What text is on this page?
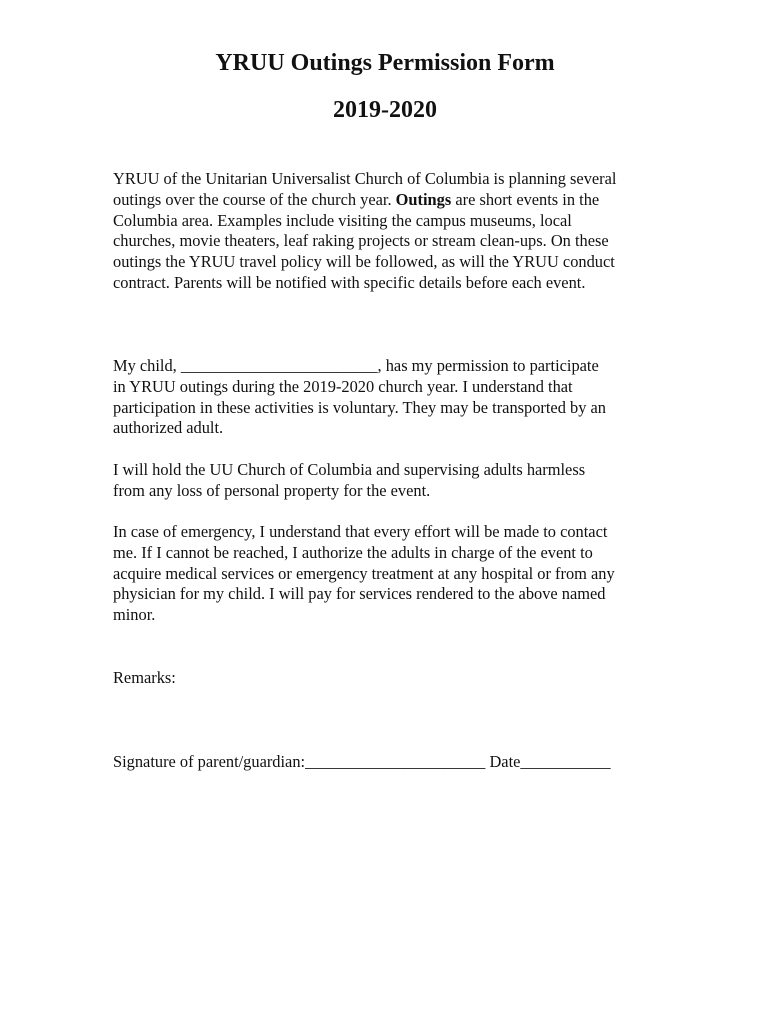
YRUU Outings Permission Form
2019-2020

YRUU of the Unitarian Universalist Church of Columbia is planning several
outings over the course of the church year. Outings are short events in the
Columbia area. Examples include visiting the campus museums, local
churches, movie theaters, leaf raking projects or stream clean-ups. On these
outings the YRUU travel policy will be followed, as will the YRUU conduct
contract. Parents will be notified with specific details before each event.

My child, ________________________, has my permission to participate
in YRUU outings during the 2019-2020 church year. I understand that
participation in these activities is voluntary. They may be transported by an
authorized adult.

I will hold the UU Church of Columbia and supervising adults harmless
from any loss of personal property for the event.

In case of emergency, I understand that every effort will be made to contact
me. If I cannot be reached, I authorize the adults in charge of the event to
acquire medical services or emergency treatment at any hospital or from any
physician for my child. I will pay for services rendered to the above named
minor.

Remarks:

Signature of parent/guardian:______________________ Date___________
